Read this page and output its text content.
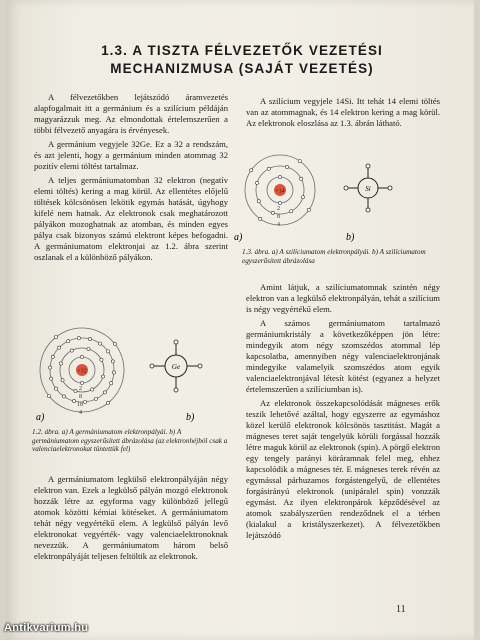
1.3. A TISZTA FÉLVEZETŐK VEZETÉSI
MECHANIZMUSA (SAJÁT VEZETÉS)

A félvezetőkben lejátszódó áramvezetés alapfogalmait itt a germánium és a szilícium példáján magyarázzuk meg. Az elmondottak értelemszerűen a többi félvezető anyagára is érvényesek.

A germánium vegyjele 32Ge. Ez a 32 a rendszám, és azt jelenti, hogy a germánium minden atommag 32 pozitív elemi töltést tartalmaz.

A teljes germániumatomban 32 elektron (negatív elemi töltés) kering a mag körül. Az ellentétes előjelű töltések kölcsönösen lekötik egymás hatását, úgyhogy kifelé nem hatnak. Az elektronok csak meghatározott pályákon mozoghatnak az atomban, és minden egyes pálya csak bizonyos számú elektront képes befogadni. A germániumatom elektronjai az 1.2. ábra szerint oszlanak el a különböző pályákon.

+32
2
8
18
4
a)
Ge
b)
1.2. ábra. a) A germániumatom elektronpályái. b) A germániumatom egyszerűsített ábrázolása (az elektronhéjból csak a valenciaelektronokat tüntettük fel)

A germániumatom legkülső elektronpályáján négy elektron van. Ezek a legkülső pályán mozgó elektronok hozzák létre az egyforma vagy különböző jellegű atomok közötti kémiai kötéseket. A germániumatom tehát négy vegyértékű elem. A legkülső pályán levő elektronokat vegyérték- vagy valenciaelektronoknak nevezzük. A germániumatom három belső elektronpályáját teljesen feltöltik az elektronok.

A szilícium vegyjele 14Si. Itt tehát 14 elemi töltés van az atommagnak, és 14 elektron kering a mag körül. Az elektronok eloszlása az 1.3. ábrán látható.

+14
2
8
4
a)
Si
b)
1.3. ábra. a) A szilíciumatom elektronpályái. b) A szilíciumatom egyszerűsített ábrázolása

Amint látjuk, a szilíciumatomnak szintén négy elektron van a legkülső elektronpályán, tehát a szilícium is négy vegyértékű elem.

A számos germániumatom tartalmazó germániumkristály a következőképpen jön létre: mindegyik atom négy szomszédos atommal lép kapcsolatba, amennyiben négy valenciaelektronjának mindegyike valamelyik szomszédos atom egyik valenciaelektronjával létesít kötést (egyanez a helyzet értelemszerűen a szilíciumban is).

Az elektronok összekapcsolódását mágneses erők teszik lehetővé azáltal, hogy egyszerre az egymáshoz közel kerülő elektronok kölcsönös tasztitást. Magát a mágneses teret saját tengelyük körüli forgással hozzák létre maguk körül az elektronok (spin). A pörgő elektron egy tengely parányi köráramnak felel meg, ehhez kapcsolódik a mágneses tér. E mágneses terek révén az egymással párhuzamos forgástengelyű, de ellentétes forgásirányú elektronok (unipáralel spin) vonzzák egymást. Az ilyen elektronpárok képződésével az atomok szabályszerűen rendeződnek el a térben (kialakul a kristályszerkezet). A félvezetőkben lejátszódó

11
Antikvarium.hu
